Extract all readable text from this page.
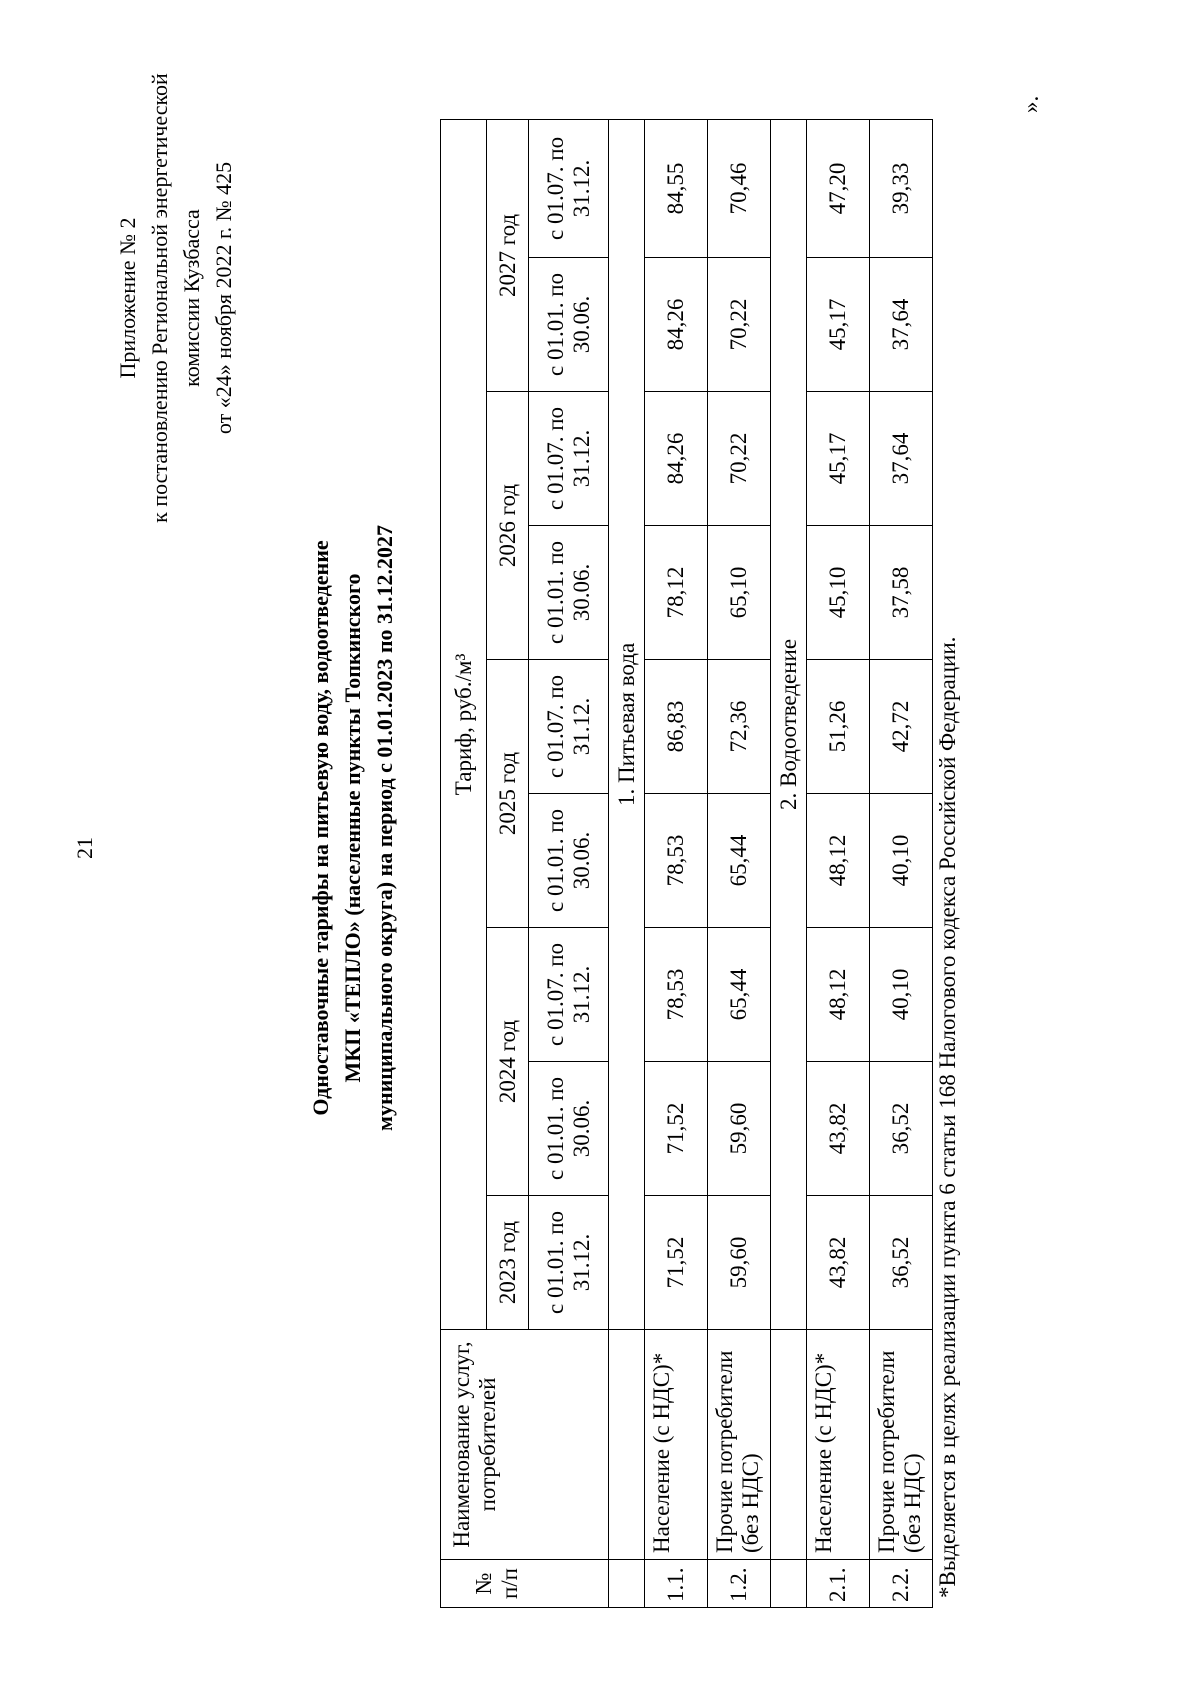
21
Приложение № 2 к постановлению Региональной энергетической комиссии Кузбасса от «24» ноября 2022 г. № 425
Одноставочные тарифы на питьевую воду, водоотведение МКП «ТЕПЛО» (населенные пункты Топкинского муниципального округа) на период с 01.01.2023 по 31.12.2027
№ п/п	Наименование услуг, потребителей	Тариф, руб./м³								
		2023 год	2024 год		2025 год		2026 год		2027 год	
		с 01.01. по 31.12.	с 01.01. по 30.06.	с 01.07. по 31.12.	с 01.01. по 30.06.	с 01.07. по 31.12.	с 01.01. по 30.06.	с 01.07. по 31.12.	с 01.01. по 30.06.	с 01.07. по 31.12.
		1. Питьевая вода								
1.1.	Население (с НДС)*	71,52	71,52	78,53	78,53	86,83	78,12	84,26	84,26	84,55
1.2.	Прочие потребители (без НДС)	59,60	59,60	65,44	65,44	72,36	65,10	70,22	70,22	70,46
		2. Водоотведение								
2.1.	Население (с НДС)*	43,82	43,82	48,12	48,12	51,26	45,10	45,17	45,17	47,20
2.2.	Прочие потребители (без НДС)	36,52	36,52	40,10	40,10	42,72	37,58	37,64	37,64	39,33
*Выделяется в целях реализации пункта 6 статьи 168 Налогового кодекса Российской Федерации.
».
